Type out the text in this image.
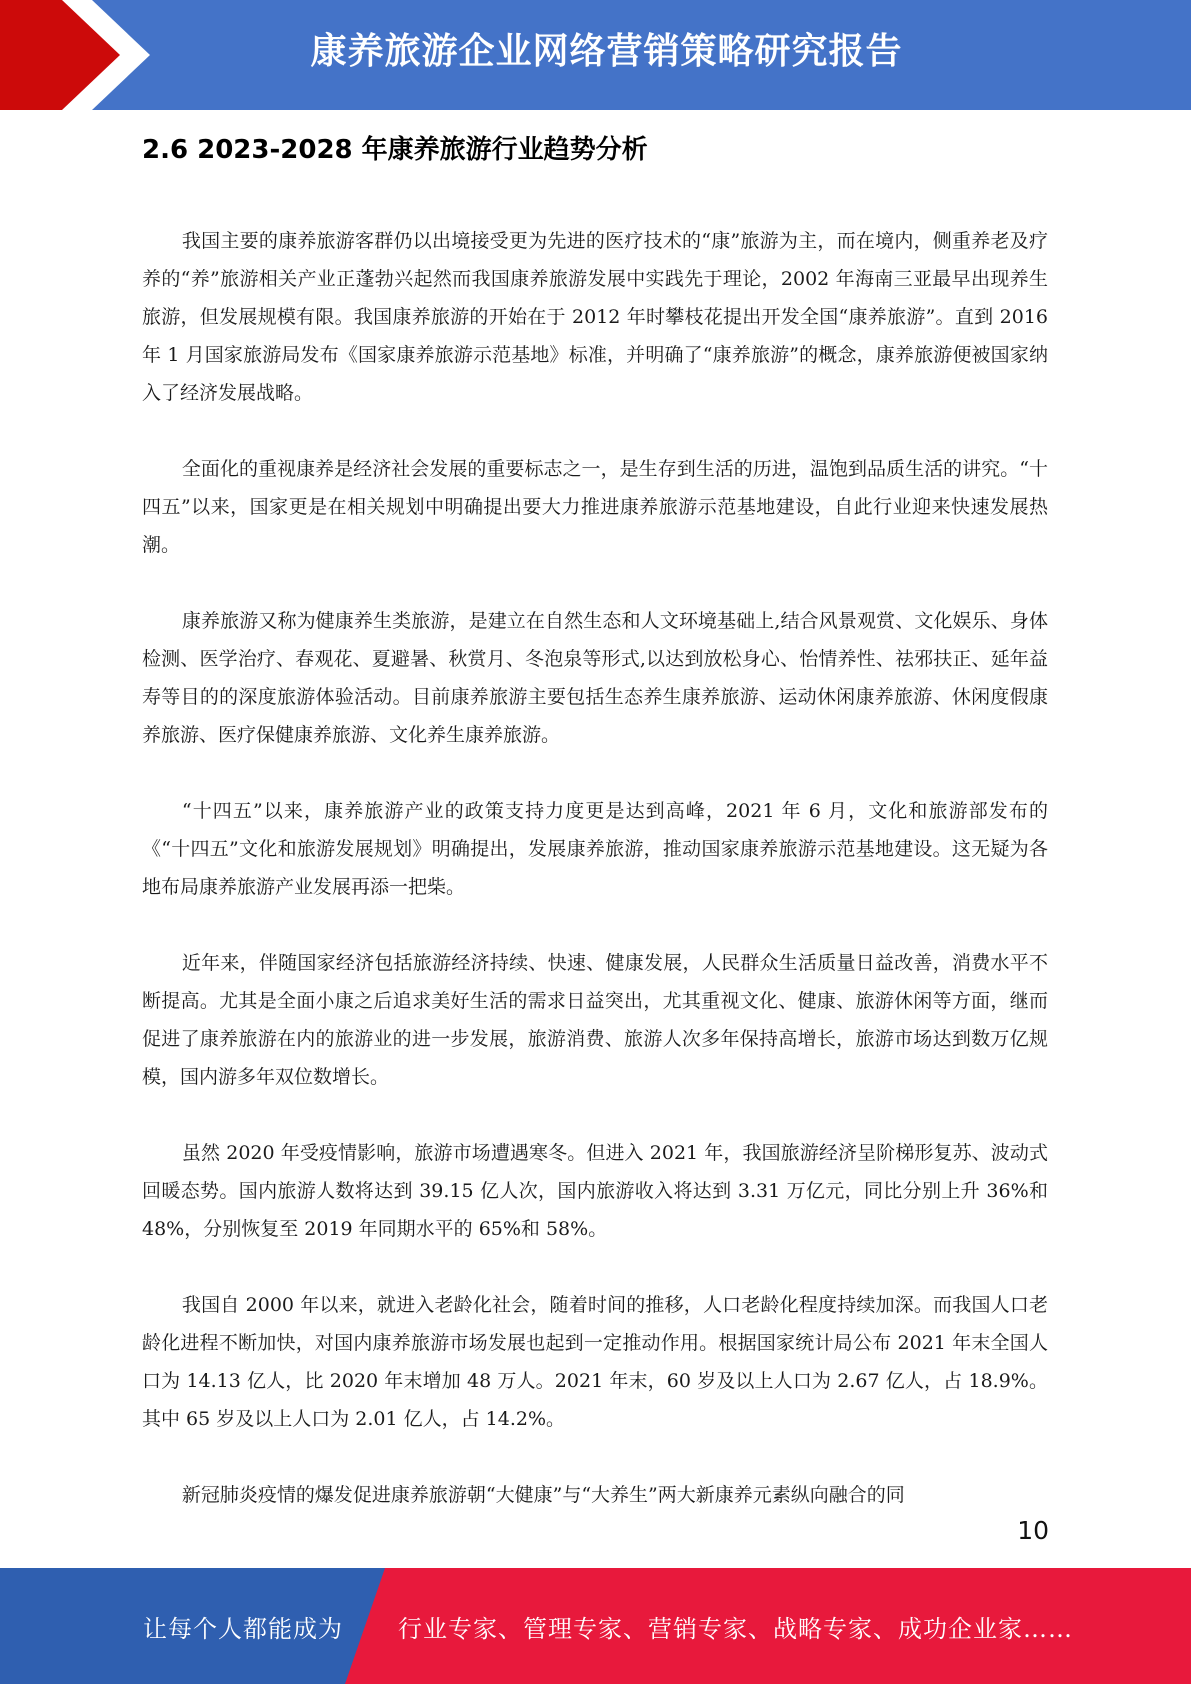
康养旅游企业网络营销策略研究报告
2.6 2023-2028 年康养旅游行业趋势分析

我国主要的康养旅游客群仍以出境接受更为先进的医疗技术的“康”旅游为主，而在境内，侧重养老及疗养的“养”旅游相关产业正蓬勃兴起然而我国康养旅游发展中实践先于理论，2002 年海南三亚最早出现养生旅游，但发展规模有限。我国康养旅游的开始在于 2012 年时攀枝花提出开发全国“康养旅游”。直到 2016 年 1 月国家旅游局发布《国家康养旅游示范基地》标准，并明确了“康养旅游”的概念，康养旅游便被国家纳入了经济发展战略。

全面化的重视康养是经济社会发展的重要标志之一，是生存到生活的历进，温饱到品质生活的讲究。“十四五”以来，国家更是在相关规划中明确提出要大力推进康养旅游示范基地建设，自此行业迎来快速发展热潮。

康养旅游又称为健康养生类旅游，是建立在自然生态和人文环境基础上,结合风景观赏、文化娱乐、身体检测、医学治疗、春观花、夏避暑、秋赏月、冬泡泉等形式,以达到放松身心、怡情养性、祛邪扶正、延年益寿等目的的深度旅游体验活动。目前康养旅游主要包括生态养生康养旅游、运动休闲康养旅游、休闲度假康养旅游、医疗保健康养旅游、文化养生康养旅游。

“十四五”以来，康养旅游产业的政策支持力度更是达到高峰，2021 年 6 月，文化和旅游部发布的《“十四五”文化和旅游发展规划》明确提出，发展康养旅游，推动国家康养旅游示范基地建设。这无疑为各地布局康养旅游产业发展再添一把柴。

近年来，伴随国家经济包括旅游经济持续、快速、健康发展，人民群众生活质量日益改善，消费水平不断提高。尤其是全面小康之后追求美好生活的需求日益突出，尤其重视文化、健康、旅游休闲等方面，继而促进了康养旅游在内的旅游业的进一步发展，旅游消费、旅游人次多年保持高增长，旅游市场达到数万亿规模，国内游多年双位数增长。

虽然 2020 年受疫情影响，旅游市场遭遇寒冬。但进入 2021 年，我国旅游经济呈阶梯形复苏、波动式回暖态势。国内旅游人数将达到 39.15 亿人次，国内旅游收入将达到 3.31 万亿元，同比分别上升 36%和 48%，分别恢复至 2019 年同期水平的 65%和 58%。

我国自 2000 年以来，就进入老龄化社会，随着时间的推移，人口老龄化程度持续加深。而我国人口老龄化进程不断加快，对国内康养旅游市场发展也起到一定推动作用。根据国家统计局公布 2021 年末全国人口为 14.13 亿人，比 2020 年末增加 48 万人。2021 年末，60 岁及以上人口为 2.67 亿人，占 18.9%。其中 65 岁及以上人口为 2.01 亿人，占 14.2%。

新冠肺炎疫情的爆发促进康养旅游朝“大健康”与“大养生”两大新康养元素纵向融合的同

10
让每个人都能成为 行业专家、管理专家、营销专家、战略专家、成功企业家……
